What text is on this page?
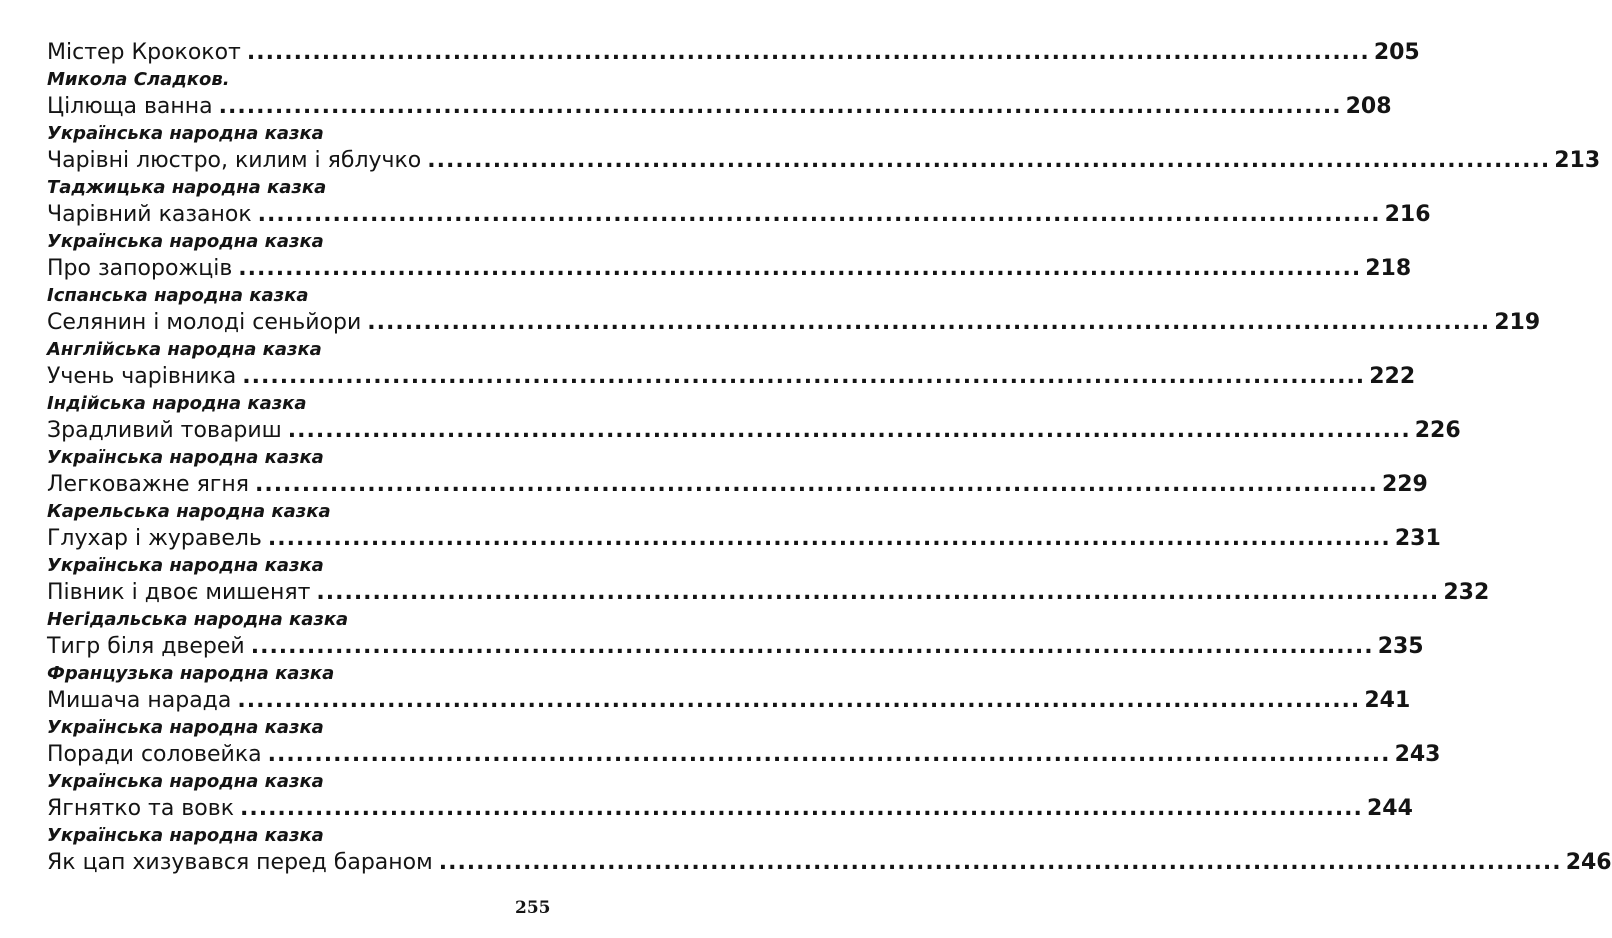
Містер Крококот ........................................................................................................................ 205
Микола Сладков.
Цілюща ванна ........................................................................................................................ 208
Українська народна казка
Чарівні люстро, килим і яблучко ........................................................................................................................ 213
Таджицька народна казка
Чарівний казанок ........................................................................................................................ 216
Українська народна казка
Про запорожців ........................................................................................................................ 218
Іспанська народна казка
Селянин і молоді сеньйори ........................................................................................................................ 219
Англійська народна казка
Учень чарівника ........................................................................................................................ 222
Індійська народна казка
Зрадливий товариш ........................................................................................................................ 226
Українська народна казка
Легковажне ягня ........................................................................................................................ 229
Карельська народна казка
Глухар і журавель ........................................................................................................................ 231
Українська народна казка
Півник і двоє мишенят ........................................................................................................................ 232
Негідальська народна казка
Тигр біля дверей ........................................................................................................................ 235
Французька народна казка
Мишача нарада ........................................................................................................................ 241
Українська народна казка
Поради соловейка ........................................................................................................................ 243
Українська народна казка
Ягнятко та вовк ........................................................................................................................ 244
Українська народна казка
Як цап хизувався перед бараном ........................................................................................................................ 246
255
